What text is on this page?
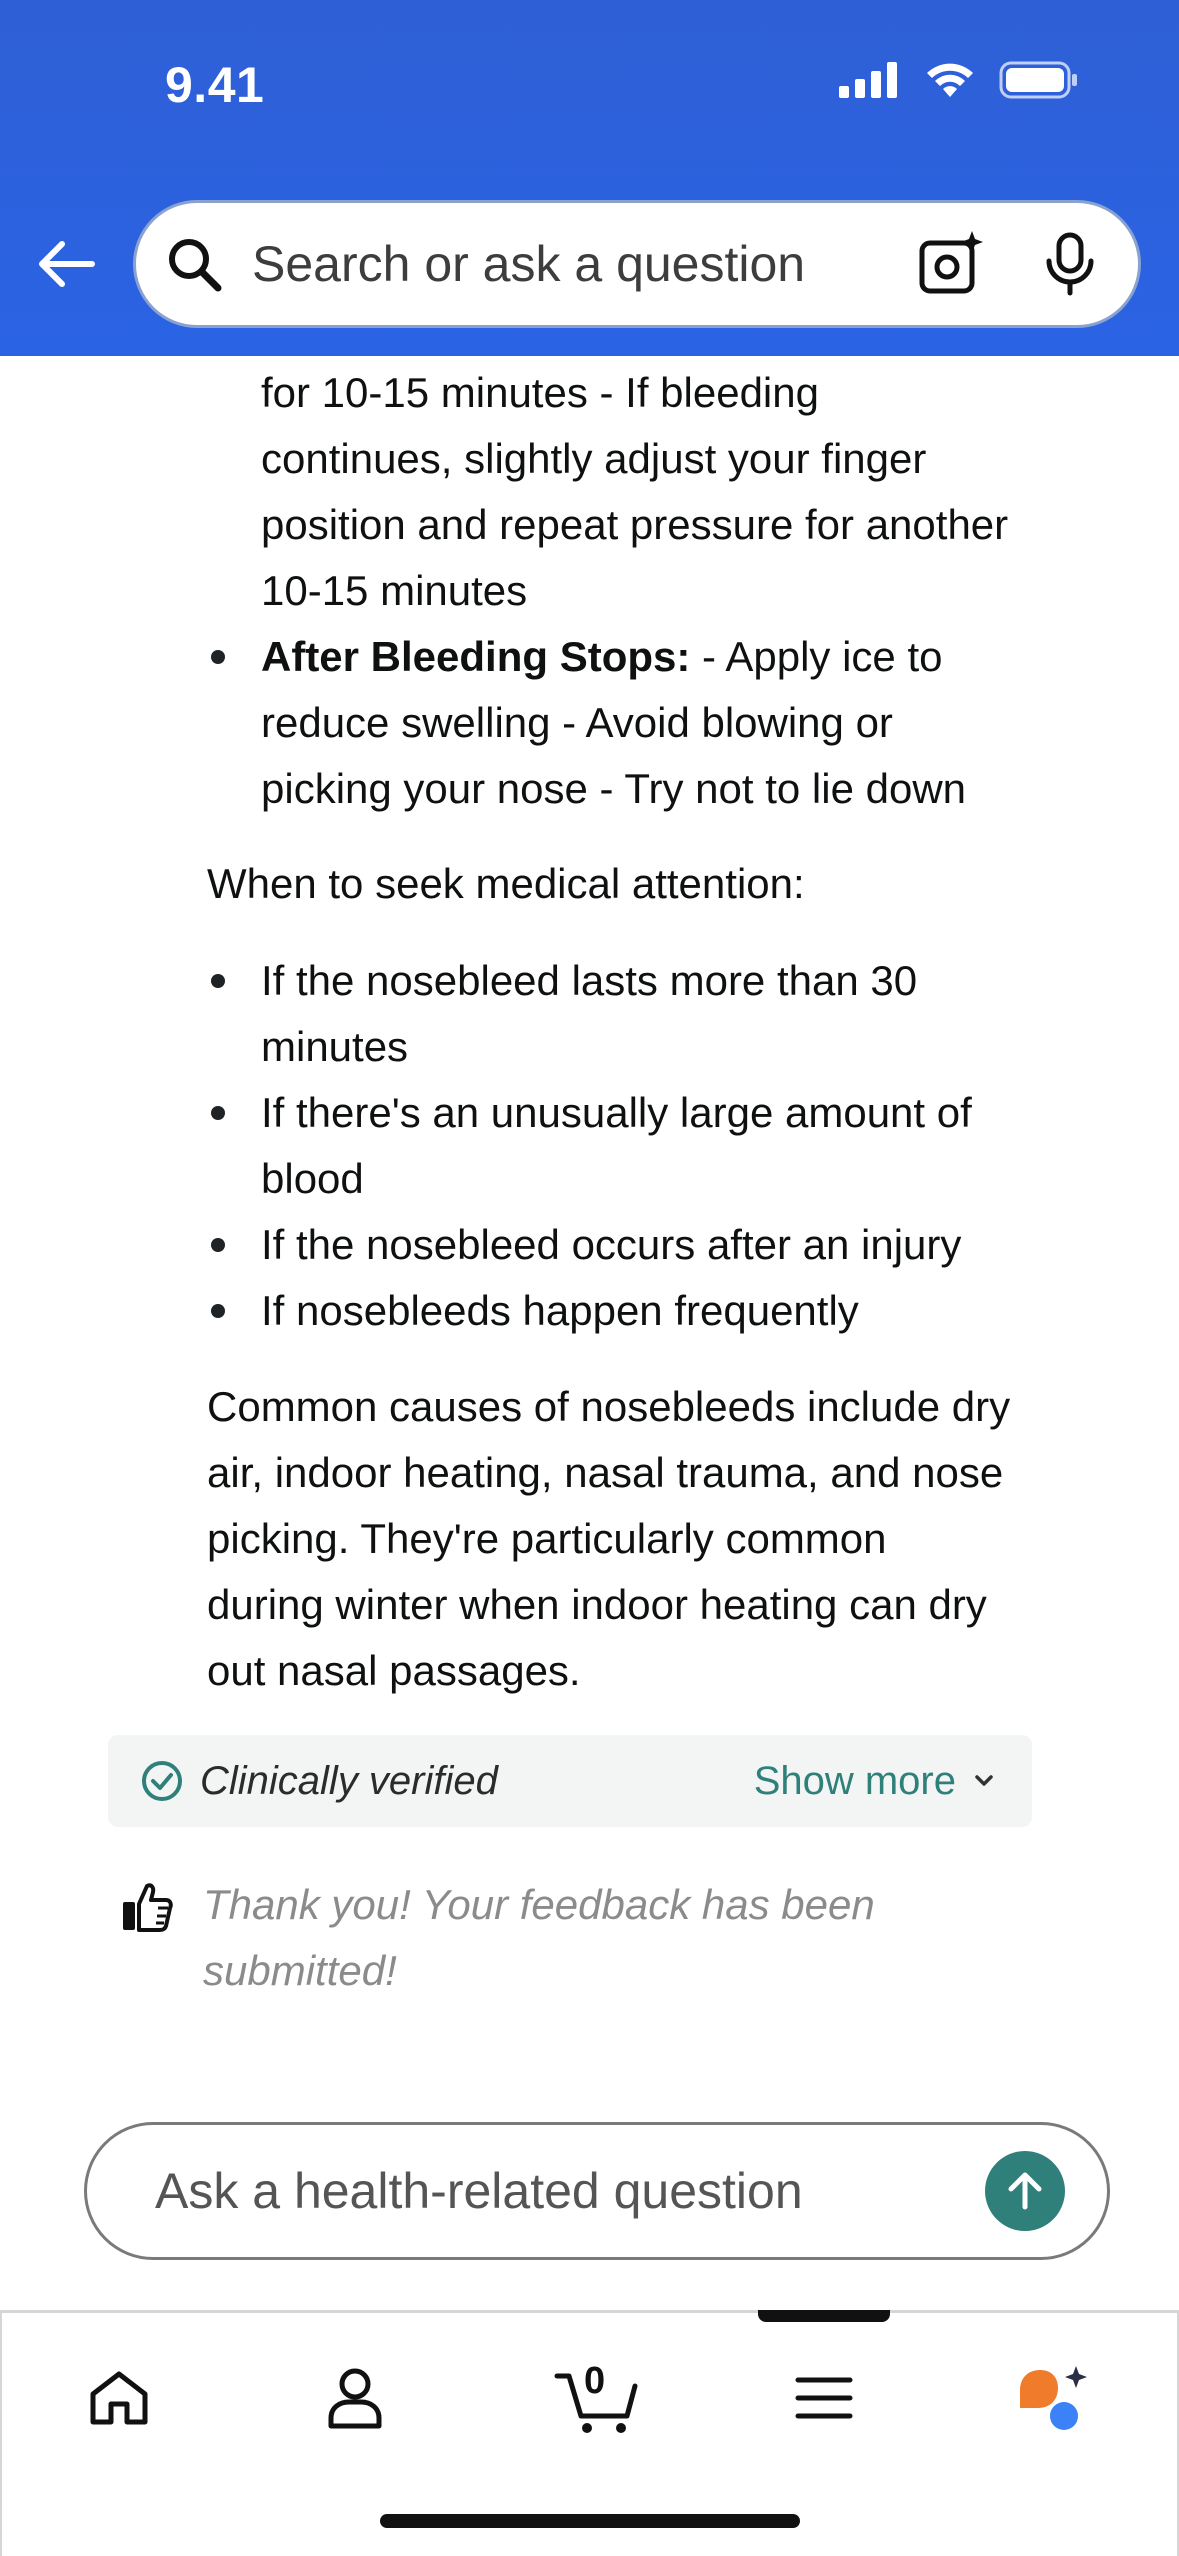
9.41
Search or ask a question
for 10-15 minutes - If bleeding
continues, slightly adjust your finger
position and repeat pressure for another
10-15 minutes
After Bleeding Stops: - Apply ice to
reduce swelling - Avoid blowing or
picking your nose - Try not to lie down
When to seek medical attention:
If the nosebleed lasts more than 30
minutes
If there's an unusually large amount of
blood
If the nosebleed occurs after an injury
If nosebleeds happen frequently
Common causes of nosebleeds include dry
air, indoor heating, nasal trauma, and nose
picking. They're particularly common
during winter when indoor heating can dry
out nasal passages.
Clinically verified	Show more
Thank you! Your feedback has been
submitted!
Ask a health-related question
0
